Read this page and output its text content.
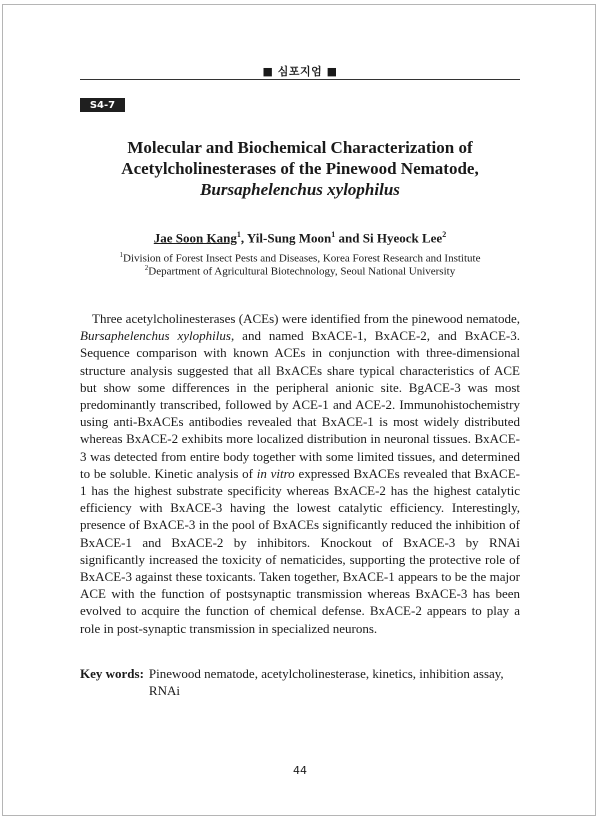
■ 심포지엄 ■
S4-7
Molecular and Biochemical Characterization of
Acetylcholinesterases of the Pinewood Nematode,
Bursaphelenchus xylophilus
Jae Soon Kang$^1$, Yil-Sung Moon$^1$ and Si Hyeock Lee$^2$
$^1$Division of Forest Insect Pests and Diseases, Korea Forest Research and Institute
$^2$Department of Agricultural Biotechnology, Seoul National University

Three acetylcholinesterases (ACEs) were identified from the pinewood nematode, Bursaphelenchus xylophilus, and named BxACE-1, BxACE-2, and BxACE-3. Sequence comparison with known ACEs in conjunction with three-dimensional structure analysis suggested that all BxACEs share typical characteristics of ACE but show some differences in the peripheral anionic site. BgACE-3 was most predominantly transcribed, followed by ACE-1 and ACE-2. Immunohistochemistry using anti-BxACEs antibodies revealed that BxACE-1 is most widely distributed whereas BxACE-2 exhibits more localized distribution in neuronal tissues. BxACE-3 was detected from entire body together with some limited tissues, and determined to be soluble. Kinetic analysis of in vitro expressed BxACEs revealed that BxACE-1 has the highest substrate specificity whereas BxACE-2 has the highest catalytic efficiency with BxACE-3 having the lowest catalytic efficiency. Interestingly, presence of BxACE-3 in the pool of BxACEs significantly reduced the inhibition of BxACE-1 and BxACE-2 by inhibitors. Knockout of BxACE-3 by RNAi significantly increased the toxicity of nematicides, supporting the protective role of BxACE-3 against these toxicants. Taken together, BxACE-1 appears to be the major ACE with the function of postsynaptic transmission whereas BxACE-3 has been evolved to acquire the function of chemical defense. BxACE-2 appears to play a role in post-synaptic transmission in specialized neurons.

Key words: Pinewood nematode, acetylcholinesterase, kinetics, inhibition assay, RNAi
44
